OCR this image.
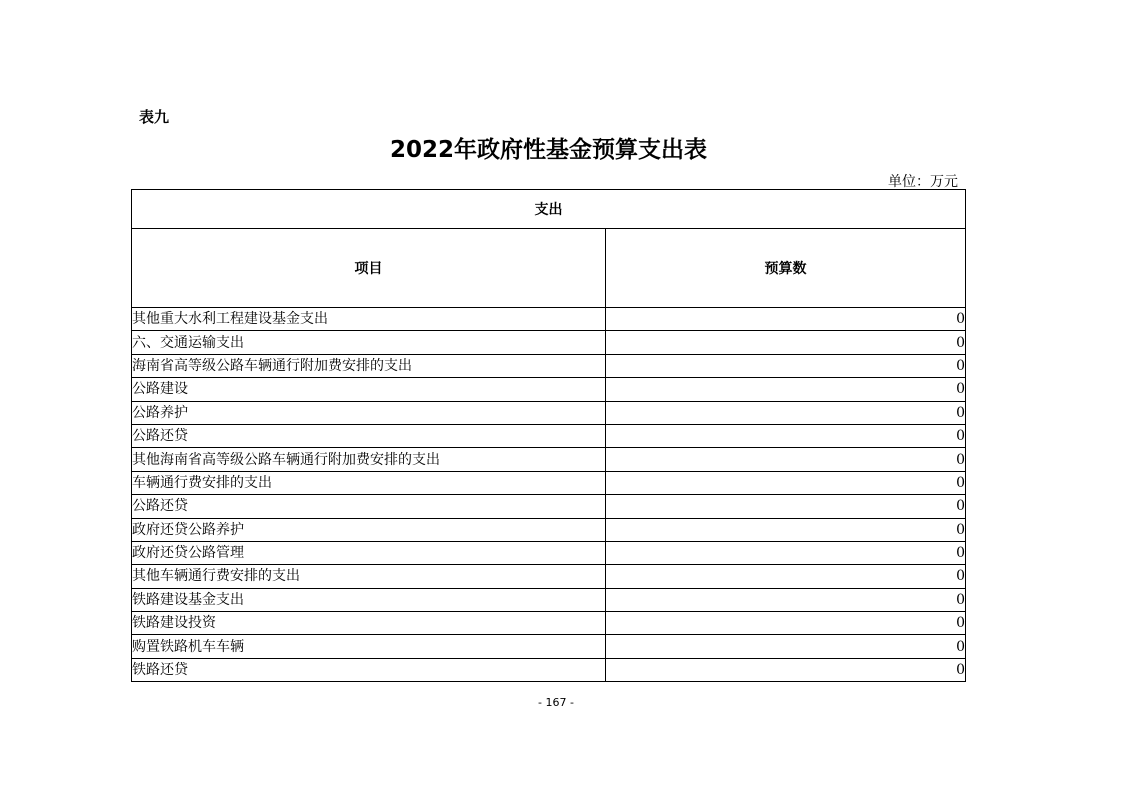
表九
2022年政府性基金预算支出表
单位：万元
支出	
项目	预算数
其他重大水利工程建设基金支出	0
六、交通运输支出	0
海南省高等级公路车辆通行附加费安排的支出	0
公路建设	0
公路养护	0
公路还贷	0
其他海南省高等级公路车辆通行附加费安排的支出	0
车辆通行费安排的支出	0
公路还贷	0
政府还贷公路养护	0
政府还贷公路管理	0
其他车辆通行费安排的支出	0
铁路建设基金支出	0
铁路建设投资	0
购置铁路机车车辆	0
铁路还贷	0
- 167 -
